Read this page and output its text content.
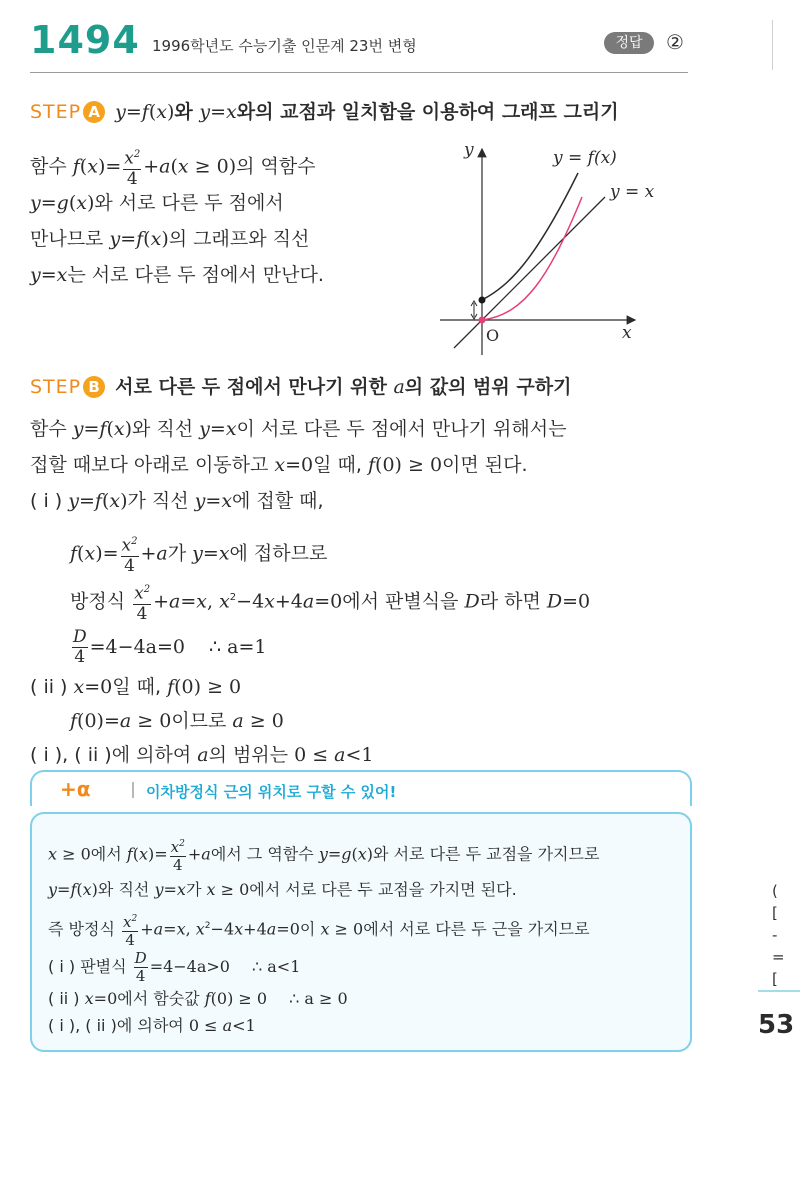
1494 1996학년도 수능기출 인문계 23번 변형	정답	②
STEP A y=f(x)와 y=x와의 교점과 일치함을 이용하여 그래프 그리기
함수 $f(x)= \frac{x^2}{4} +a(x \ge 0)$의 역함수
y=g(x)와 서로 다른 두 점에서
만나므로 y=f(x)의 그래프와 직선
y=x는 서로 다른 두 점에서 만난다.
y
x
O
y = f(x)
y = x
STEP B 서로 다른 두 점에서 만나기 위한 a의 값의 범위 구하기
함수 y=f(x)와 직선 y=x이 서로 다른 두 점에서 만나기 위해서는
접할 때보다 아래로 이동하고 x=0일 때, f(0) ≥ 0이면 된다.
( i ) y=f(x)가 직선 y=x에 접할 때,
$f(x)= \frac{x^2}{4} +a$가 y=x에 접하므로
방정식 $\frac{x^2}{4} +a=x$, $x^2-4x+4a=0$에서 판별식을 D라 하면 D=0
$\frac{D}{4} =4-4a=0$ ∴ a=1
( ii ) x=0일 때, f(0) ≥ 0
f(0)=a ≥ 0이므로 a ≥ 0
( i ), ( ii )에 의하여 a의 범위는 0 ≤ a<1
+α	이차방정식 근의 위치로 구할 수 있어!
x ≥ 0에서 $f(x)= \frac{x^2}{4} +a$에서 그 역함수 y=g(x)와 서로 다른 두 교점을 가지므로
y=f(x)와 직선 y=x가 x ≥ 0에서 서로 다른 두 교점을 가지면 된다.
즉 방정식 $\frac{x^2}{4} +a=x$, $x^2-4x+4a=0$이 x ≥ 0에서 서로 다른 두 근을 가지므로
( i ) 판별식 $\frac{D}{4} =4-4a>0$ ∴ a<1
( ii ) x=0에서 함숫값 f(0) ≥ 0 ∴ a ≥ 0
( i ), ( ii )에 의하여 0 ≤ a<1
(
[
-
=
[
53
